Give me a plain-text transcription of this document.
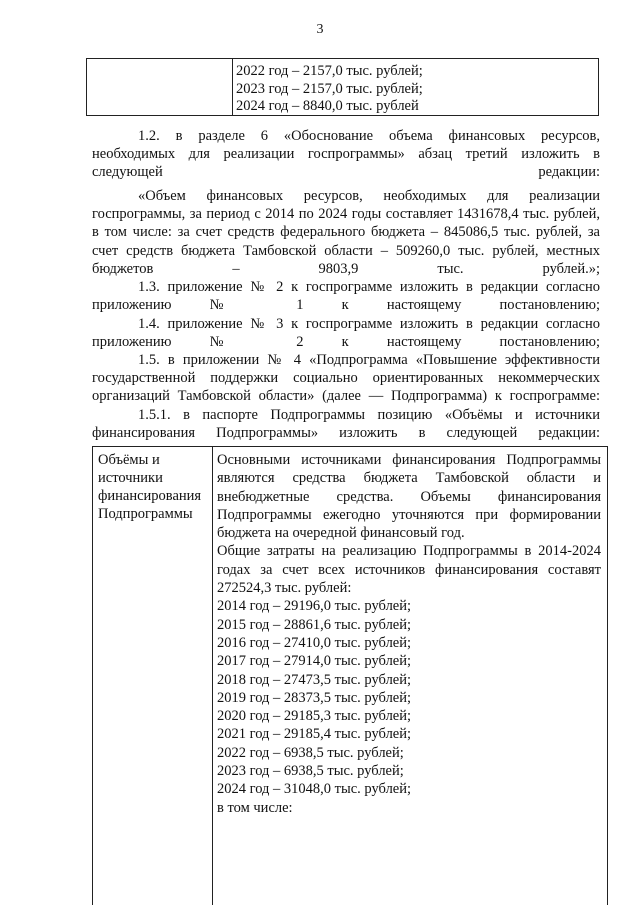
3
2022 год – 2157,0 тыс. рублей;
2023 год – 2157,0 тыс. рублей;
2024 год – 8840,0 тыс. рублей
1.2. в разделе 6 «Обоснование объема финансовых ресурсов, необходимых для реализации госпрограммы» абзац третий изложить в следующей редакции:
«Объем финансовых ресурсов, необходимых для реализации госпрограммы, за период с 2014 по 2024 годы составляет 1431678,4 тыс. рублей, в том числе: за счет средств федерального бюджета – 845086,5 тыс. рублей, за счет средств бюджета Тамбовской области – 509260,0 тыс. рублей, местных бюджетов – 9803,9 тыс. рублей.»;
1.3. приложение № 2 к госпрограмме изложить в редакции согласно приложению № 1 к настоящему постановлению;
1.4. приложение № 3 к госпрограмме изложить в редакции согласно приложению № 2 к настоящему постановлению;
1.5. в приложении № 4 «Подпрограмма «Повышение эффективности государственной поддержки социально ориентированных некоммерческих организаций Тамбовской области» (далее — Подпрограмма) к госпрограмме:
1.5.1. в паспорте Подпрограммы позицию «Объёмы и источники финансирования Подпрограммы» изложить в следующей редакции:
Объёмы и
источники
финансирования
Подпрограммы
Основными источниками финансирования Подпрограммы являются средства бюджета Тамбовской области и внебюджетные средства. Объемы финансирования Подпрограммы ежегодно уточняются при формировании бюджета на очередной финансовый год.
Общие затраты на реализацию Подпрограммы в 2014-2024 годах за счет всех источников финансирования составят 272524,3 тыс. рублей:
2014 год – 29196,0 тыс. рублей;
2015 год – 28861,6 тыс. рублей;
2016 год – 27410,0 тыс. рублей;
2017 год – 27914,0 тыс. рублей;
2018 год – 27473,5 тыс. рублей;
2019 год – 28373,5 тыс. рублей;
2020 год – 29185,3 тыс. рублей;
2021 год – 29185,4 тыс. рублей;
2022 год – 6938,5 тыс. рублей;
2023 год – 6938,5 тыс. рублей;
2024 год – 31048,0 тыс. рублей;
в том числе:
